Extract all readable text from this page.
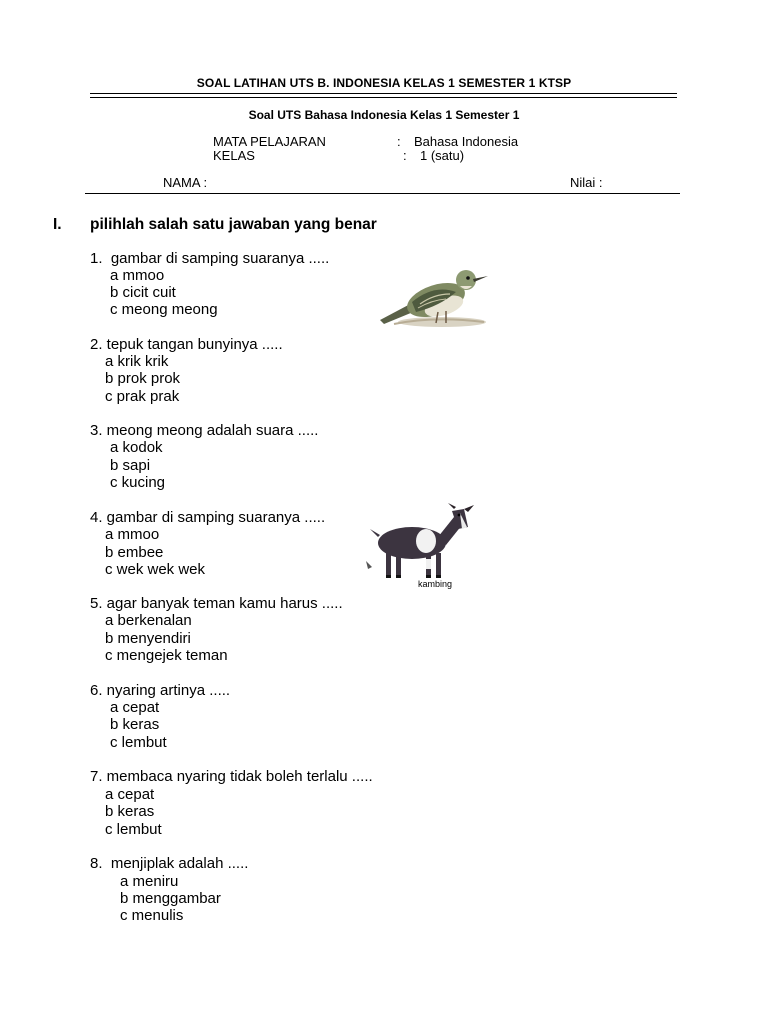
SOAL LATIHAN UTS B. INDONESIA KELAS 1 SEMESTER 1 KTSP
Soal UTS Bahasa Indonesia Kelas 1 Semester 1
MATA PELAJARAN	: Bahasa Indonesia
KELAS	: 1 (satu)
NAMA :	Nilai :
I. pilihlah salah satu jawaban yang benar
1.  gambar di samping suaranya .....
a mmoo
b cicit cuit
c meong meong
2. tepuk tangan bunyinya .....
a krik krik
b prok prok
c prak prak
3. meong meong adalah suara .....
a kodok
b sapi
c kucing
4. gambar di samping suaranya .....
a mmoo
b embee
c wek wek wek
5. agar banyak teman kamu harus .....
a berkenalan
b menyendiri
c mengejek teman
6. nyaring artinya .....
a cepat
b keras
c lembut
7. membaca nyaring tidak boleh terlalu .....
a cepat
b keras
c lembut
8.  menjiplak adalah .....
a meniru
b menggambar
c menulis
kambing
